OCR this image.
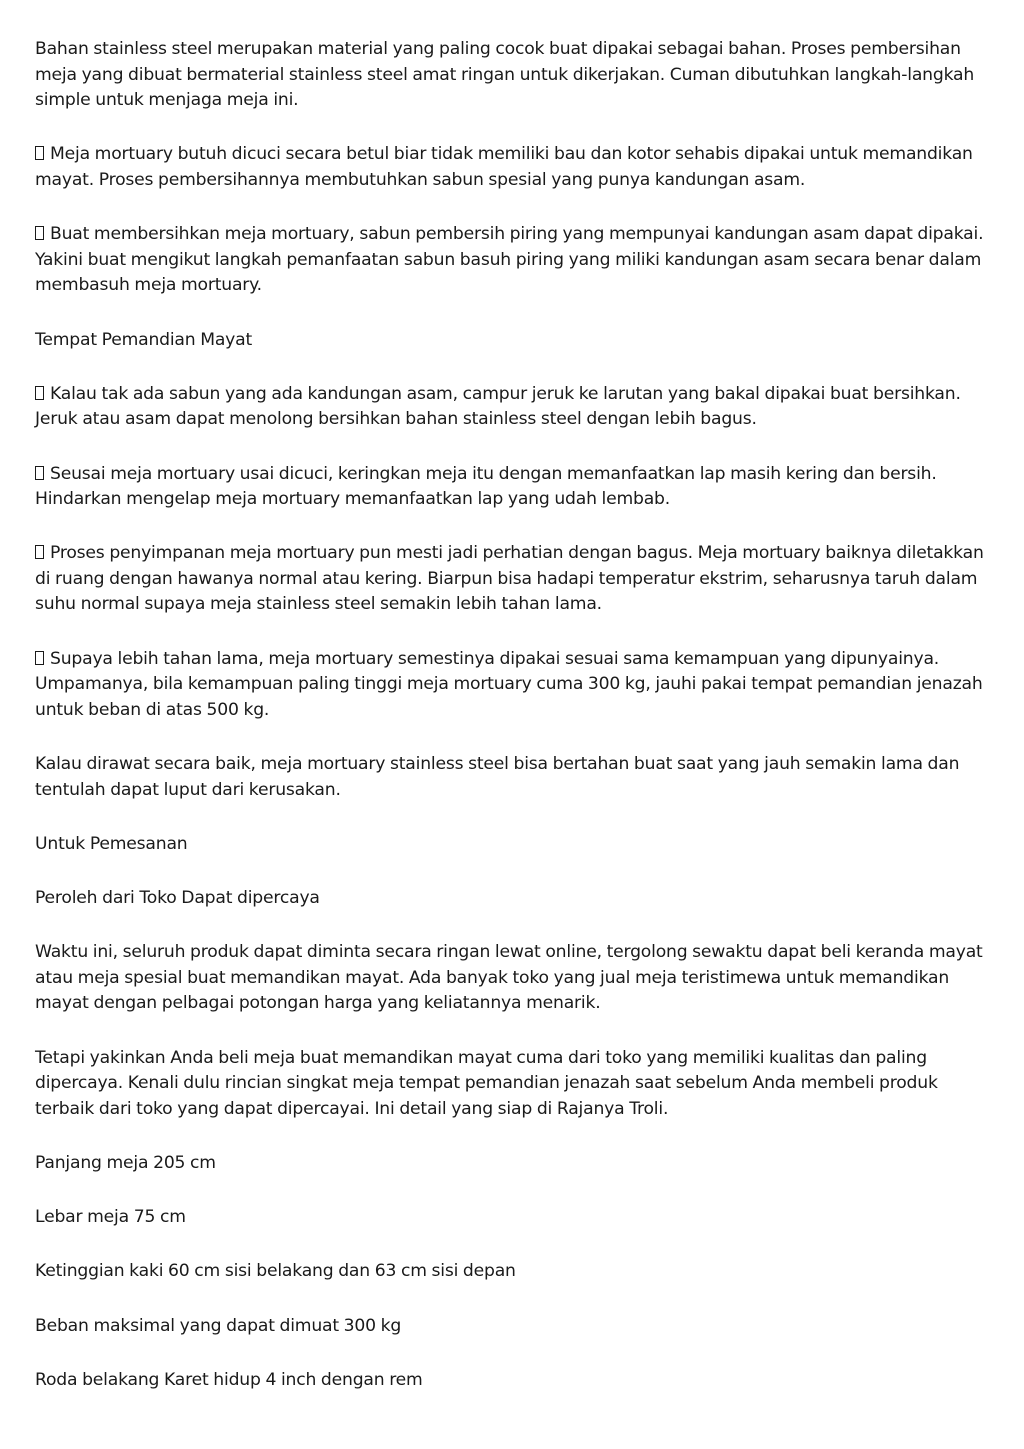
Bahan stainless steel merupakan material yang paling cocok buat dipakai sebagai bahan. Proses pembersihan meja yang dibuat bermaterial stainless steel amat ringan untuk dikerjakan. Cuman dibutuhkan langkah-langkah simple untuk menjaga meja ini.

Meja mortuary butuh dicuci secara betul biar tidak memiliki bau dan kotor sehabis dipakai untuk memandikan mayat. Proses pembersihannya membutuhkan sabun spesial yang punya kandungan asam.

Buat membersihkan meja mortuary, sabun pembersih piring yang mempunyai kandungan asam dapat dipakai. Yakini buat mengikut langkah pemanfaatan sabun basuh piring yang miliki kandungan asam secara benar dalam membasuh meja mortuary.

Tempat Pemandian Mayat

Kalau tak ada sabun yang ada kandungan asam, campur jeruk ke larutan yang bakal dipakai buat bersihkan. Jeruk atau asam dapat menolong bersihkan bahan stainless steel dengan lebih bagus.

Seusai meja mortuary usai dicuci, keringkan meja itu dengan memanfaatkan lap masih kering dan bersih. Hindarkan mengelap meja mortuary memanfaatkan lap yang udah lembab.

Proses penyimpanan meja mortuary pun mesti jadi perhatian dengan bagus. Meja mortuary baiknya diletakkan di ruang dengan hawanya normal atau kering. Biarpun bisa hadapi temperatur ekstrim, seharusnya taruh dalam suhu normal supaya meja stainless steel semakin lebih tahan lama.

Supaya lebih tahan lama, meja mortuary semestinya dipakai sesuai sama kemampuan yang dipunyainya. Umpamanya, bila kemampuan paling tinggi meja mortuary cuma 300 kg, jauhi pakai tempat pemandian jenazah untuk beban di atas 500 kg.

Kalau dirawat secara baik, meja mortuary stainless steel bisa bertahan buat saat yang jauh semakin lama dan tentulah dapat luput dari kerusakan.

Untuk Pemesanan

Peroleh dari Toko Dapat dipercaya

Waktu ini, seluruh produk dapat diminta secara ringan lewat online, tergolong sewaktu dapat beli keranda mayat atau meja spesial buat memandikan mayat. Ada banyak toko yang jual meja teristimewa untuk memandikan mayat dengan pelbagai potongan harga yang keliatannya menarik.

Tetapi yakinkan Anda beli meja buat memandikan mayat cuma dari toko yang memiliki kualitas dan paling dipercaya. Kenali dulu rincian singkat meja tempat pemandian jenazah saat sebelum Anda membeli produk terbaik dari toko yang dapat dipercayai. Ini detail yang siap di Rajanya Troli.

Panjang meja 205 cm

Lebar meja 75 cm

Ketinggian kaki 60 cm sisi belakang dan 63 cm sisi depan

Beban maksimal yang dapat dimuat 300 kg

Roda belakang Karet hidup 4 inch dengan rem
